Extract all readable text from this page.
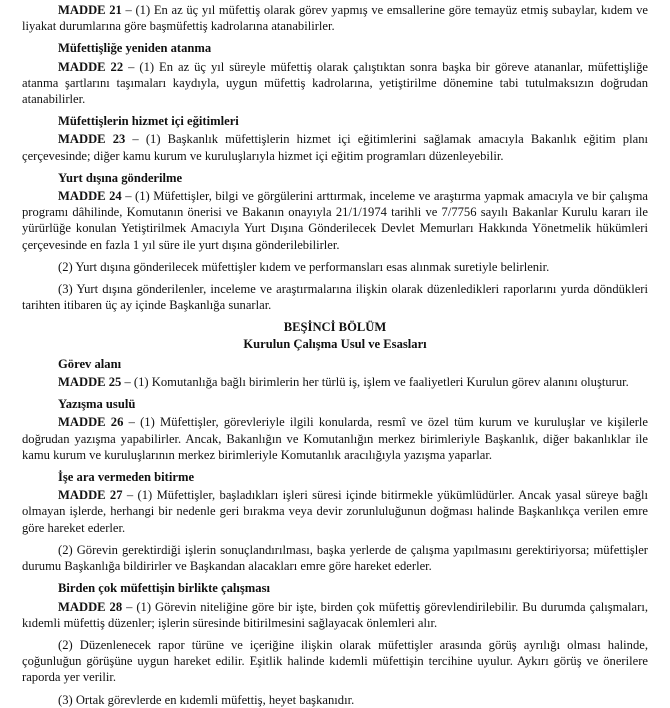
MADDE 21 – (1) En az üç yıl müfettiş olarak görev yapmış ve emsallerine göre temayüz etmiş subaylar, kıdem ve liyakat durumlarına göre başmüfettiş kadrolarına atanabilirler.

Müfettişliğe yeniden atanma

MADDE 22 – (1) En az üç yıl süreyle müfettiş olarak çalıştıktan sonra başka bir göreve atananlar, müfettişliğe atanma şartlarını taşımaları kaydıyla, uygun müfettiş kadrolarına, yetiştirilme dönemine tabi tutulmaksızın doğrudan atanabilirler.

Müfettişlerin hizmet içi eğitimleri

MADDE 23 – (1) Başkanlık müfettişlerin hizmet içi eğitimlerini sağlamak amacıyla Bakanlık eğitim planı çerçevesinde; diğer kamu kurum ve kuruluşlarıyla hizmet içi eğitim programları düzenleyebilir.

Yurt dışına gönderilme

MADDE 24 – (1) Müfettişler, bilgi ve görgülerini arttırmak, inceleme ve araştırma yapmak amacıyla ve bir çalışma programı dâhilinde, Komutanın önerisi ve Bakanın onayıyla 21/1/1974 tarihli ve 7/7756 sayılı Bakanlar Kurulu kararı ile yürürlüğe konulan Yetiştirilmek Amacıyla Yurt Dışına Gönderilecek Devlet Memurları Hakkında Yönetmelik hükümleri çerçevesinde en fazla 1 yıl süre ile yurt dışına gönderilebilirler.

(2) Yurt dışına gönderilecek müfettişler kıdem ve performansları esas alınmak suretiyle belirlenir.

(3) Yurt dışına gönderilenler, inceleme ve araştırmalarına ilişkin olarak düzenledikleri raporlarını yurda döndükleri tarihten itibaren üç ay içinde Başkanlığa sunarlar.

BEŞİNCİ BÖLÜM
Kurulun Çalışma Usul ve Esasları
Görev alanı

MADDE 25 – (1) Komutanlığa bağlı birimlerin her türlü iş, işlem ve faaliyetleri Kurulun görev alanını oluşturur.

Yazışma usulü

MADDE 26 – (1) Müfettişler, görevleriyle ilgili konularda, resmî ve özel tüm kurum ve kuruluşlar ve kişilerle doğrudan yazışma yapabilirler. Ancak, Bakanlığın ve Komutanlığın merkez birimleriyle Başkanlık, diğer bakanlıklar ile kamu kurum ve kuruluşlarının merkez birimleriyle Komutanlık aracılığıyla yazışma yaparlar.

İşe ara vermeden bitirme

MADDE 27 – (1) Müfettişler, başladıkları işleri süresi içinde bitirmekle yükümlüdürler. Ancak yasal süreye bağlı olmayan işlerde, herhangi bir nedenle geri bırakma veya devir zorunluluğunun doğması halinde Başkanlıkça verilen emre göre hareket ederler.

(2) Görevin gerektirdiği işlerin sonuçlandırılması, başka yerlerde de çalışma yapılmasını gerektiriyorsa; müfettişler durumu Başkanlığa bildirirler ve Başkandan alacakları emre göre hareket ederler.

Birden çok müfettişin birlikte çalışması

MADDE 28 – (1) Görevin niteliğine göre bir işte, birden çok müfettiş görevlendirilebilir. Bu durumda çalışmaları, kıdemli müfettiş düzenler; işlerin süresinde bitirilmesini sağlayacak önlemleri alır.

(2) Düzenlenecek rapor türüne ve içeriğine ilişkin olarak müfettişler arasında görüş ayrılığı olması halinde, çoğunluğun görüşüne uygun hareket edilir. Eşitlik halinde kıdemli müfettişin tercihine uyulur. Aykırı görüş ve önerilere raporda yer verilir.

(3) Ortak görevlerde en kıdemli müfettiş, heyet başkanıdır.
